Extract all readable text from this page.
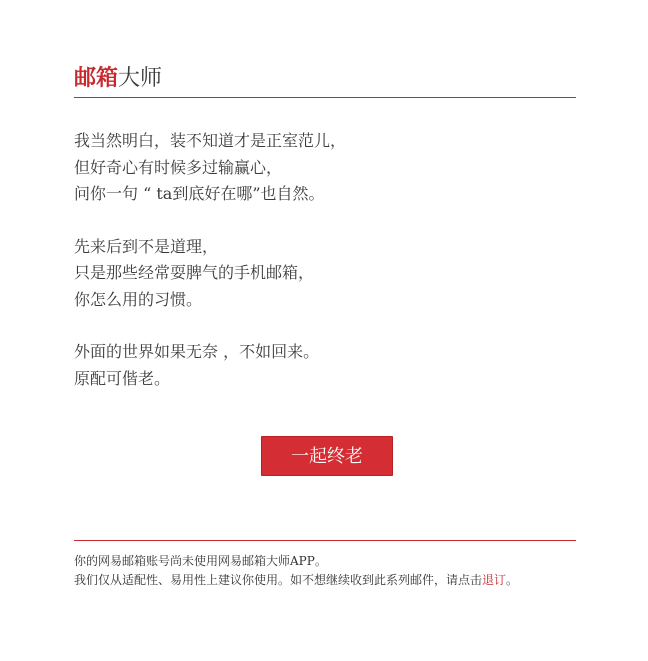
邮箱 大师

我当然明白，装不知道才是正室范儿，

但好奇心有时候多过输赢心，

问你一句 “ ta到底好在哪”也自然。

先来后到不是道理，

只是那些经常耍脾气的手机邮箱，

你怎么用的习惯。

外面的世界如果无奈 ，不如回来。

原配可偕老。

一起终老

你的网易邮箱账号尚未使用网易邮箱大师APP。

我们仅从适配性、易用性上建议你使用。如不想继续收到此系列邮件，请点击退订。
